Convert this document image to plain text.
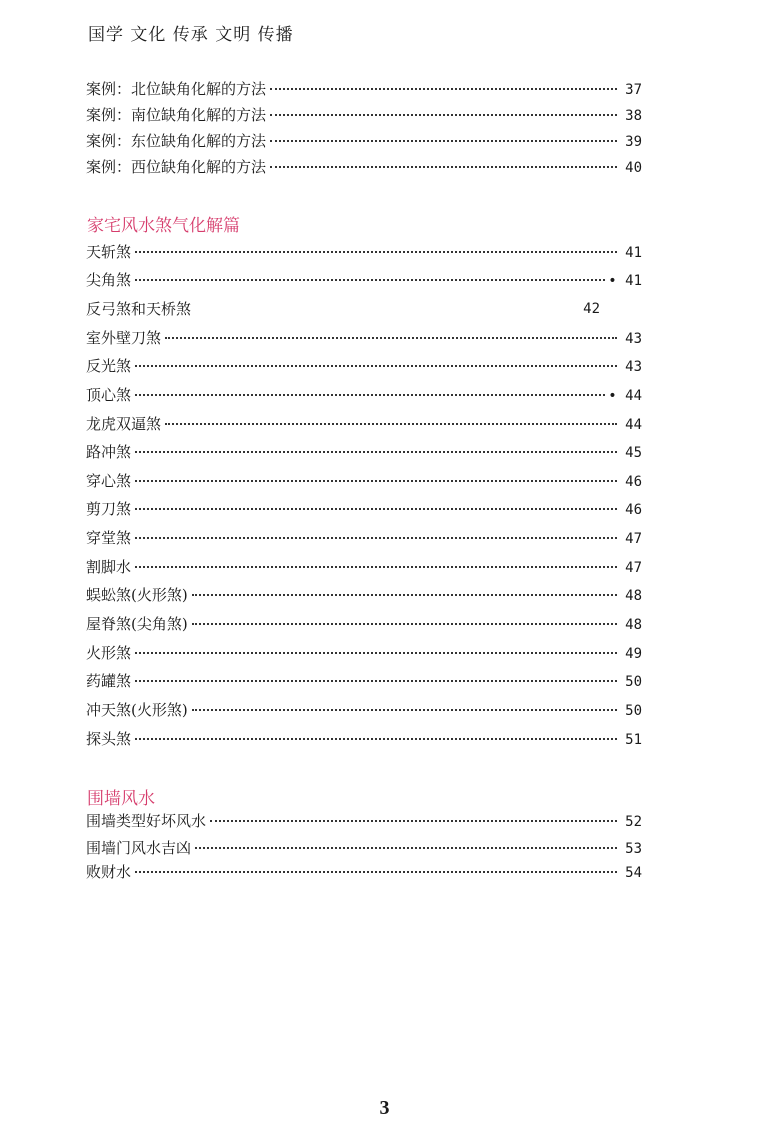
国学 文化 传承 文明 传播
案例：北位缺角化解的方法	37
案例：南位缺角化解的方法	38
案例：东位缺角化解的方法	39
案例：西位缺角化解的方法	40
家宅风水煞气化解篇
天斩煞	41
尖角煞	• 41
反弓煞和天桥煞	42
室外壁刀煞	43
反光煞	43
顶心煞	• 44
龙虎双逼煞	44
路冲煞	45
穿心煞	46
剪刀煞	46
穿堂煞	47
割脚水	47
蜈蚣煞(火形煞)	48
屋脊煞(尖角煞)	48
火形煞	49
药罐煞	50
冲天煞(火形煞)	50
探头煞	51
围墙风水
围墙类型好坏风水	52
围墙门风水吉凶	53
败财水	54
3
